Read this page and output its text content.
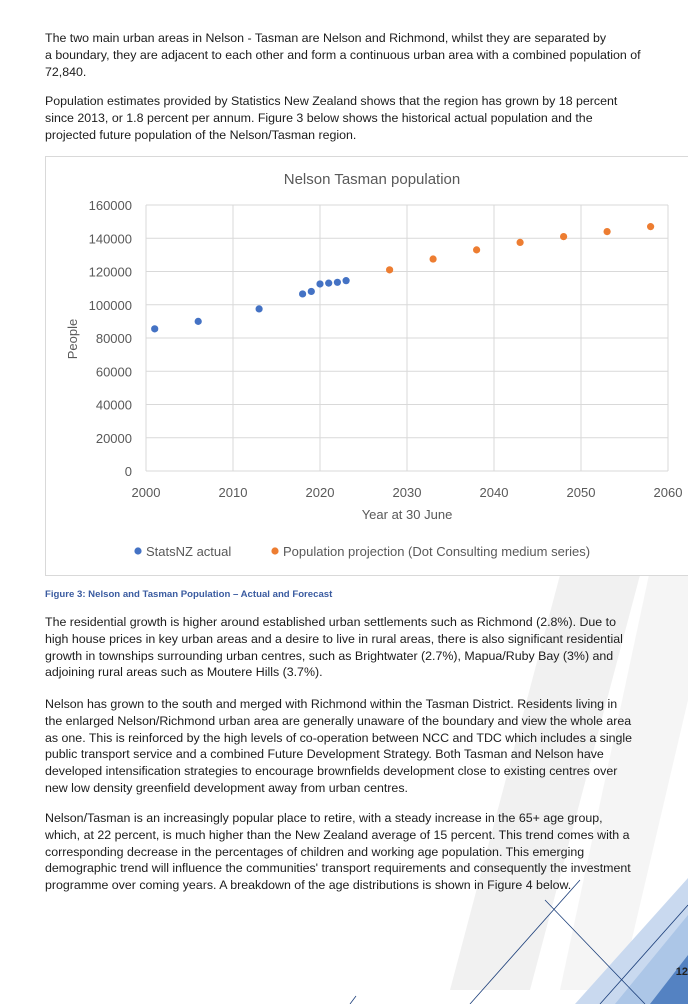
The two main urban areas in Nelson - Tasman are Nelson and Richmond, whilst they are separated by
a boundary, they are adjacent to each other and form a continuous urban area with a combined population of
72,840.

Population estimates provided by Statistics New Zealand shows that the region has grown by 18 percent
since 2013, or 1.8 percent per annum. Figure 3 below shows the historical actual population and the
projected future population of the Nelson/Tasman region.

Nelson Tasman population
0
20000
40000
60000
80000
100000
120000
140000
160000
2000	2010	2020	2030	2040	2050	2060
Year at 30 June
People
StatsNZ actual	Population projection (Dot Consulting medium series)
Figure 3: Nelson and Tasman Population – Actual and Forecast

The residential growth is higher around established urban settlements such as Richmond (2.8%). Due to
high house prices in key urban areas and a desire to live in rural areas, there is also significant residential
growth in townships surrounding urban centres, such as Brightwater (2.7%), Mapua/Ruby Bay (3%) and
adjoining rural areas such as Moutere Hills (3.7%).

Nelson has grown to the south and merged with Richmond within the Tasman District. Residents living in
the enlarged Nelson/Richmond urban area are generally unaware of the boundary and view the whole area
as one. This is reinforced by the high levels of co-operation between NCC and TDC which includes a single
public transport service and a combined Future Development Strategy. Both Tasman and Nelson have
developed intensification strategies to encourage brownfields development close to existing centres over
new low density greenfield development away from urban centres.

Nelson/Tasman is an increasingly popular place to retire, with a steady increase in the 65+ age group,
which, at 22 percent, is much higher than the New Zealand average of 15 percent. This trend comes with a
corresponding decrease in the percentages of children and working age population. This emerging
demographic trend will influence the communities' transport requirements and consequently the investment
programme over coming years. A breakdown of the age distributions is shown in Figure 4 below.

12
